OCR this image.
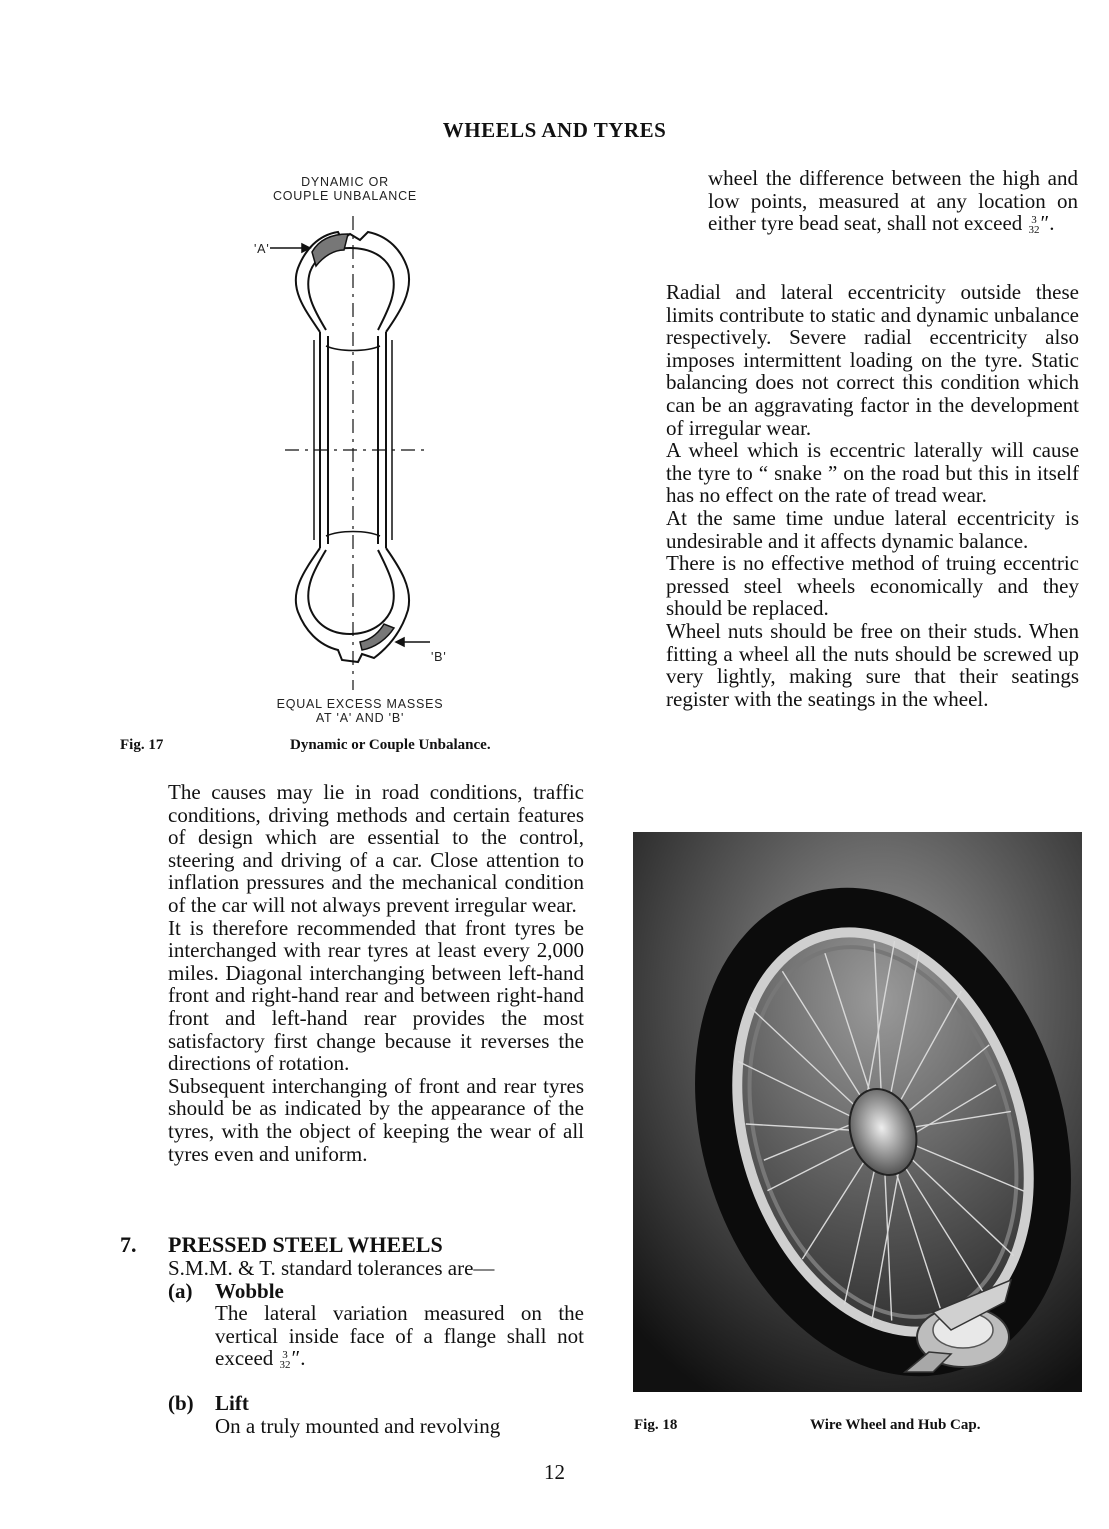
WHEELS AND TYRES
DYNAMIC OR
COUPLE UNBALANCE
'A'
'B'
EQUAL EXCESS MASSES
AT 'A' AND 'B'
Fig. 17	Dynamic or Couple Unbalance.

The causes may lie in road conditions, traffic conditions, driving methods and certain features of design which are essential to the control, steering and driving of a car. Close attention to inflation pressures and the mechanical condition of the car will not always prevent irregular wear.

It is therefore recommended that front tyres be interchanged with rear tyres at least every 2,000 miles. Diagonal interchanging between left-hand front and right-hand rear and between right-hand front and left-hand rear provides the most satisfactory first change because it reverses the directions of rotation.

Subsequent interchanging of front and rear tyres should be as indicated by the appearance of the tyres, with the object of keeping the wear of all tyres even and uniform.

7. PRESSED STEEL WHEELS
S.M.M. & T. standard tolerances are—
(a) Wobble
The lateral variation measured on the vertical inside face of a flange shall not exceed 3
32 ″.
(b) Lift
On a truly mounted and revolving
wheel the difference between the high and low points, measured at any location on either tyre bead seat, shall not exceed 3
32 ″.

Radial and lateral eccentricity outside these limits contribute to static and dynamic unbalance respectively. Severe radial eccentricity also imposes intermittent loading on the tyre. Static balancing does not correct this condition which can be an aggravating factor in the development of irregular wear.

A wheel which is eccentric laterally will cause the tyre to “ snake ” on the road but this in itself has no effect on the rate of tread wear.

At the same time undue lateral eccentricity is undesirable and it affects dynamic balance.

There is no effective method of truing eccentric pressed steel wheels economically and they should be replaced.

Wheel nuts should be free on their studs. When fitting a wheel all the nuts should be screwed up very lightly, making sure that their seatings register with the seatings in the wheel.

Fig. 18	Wire Wheel and Hub Cap.
12
